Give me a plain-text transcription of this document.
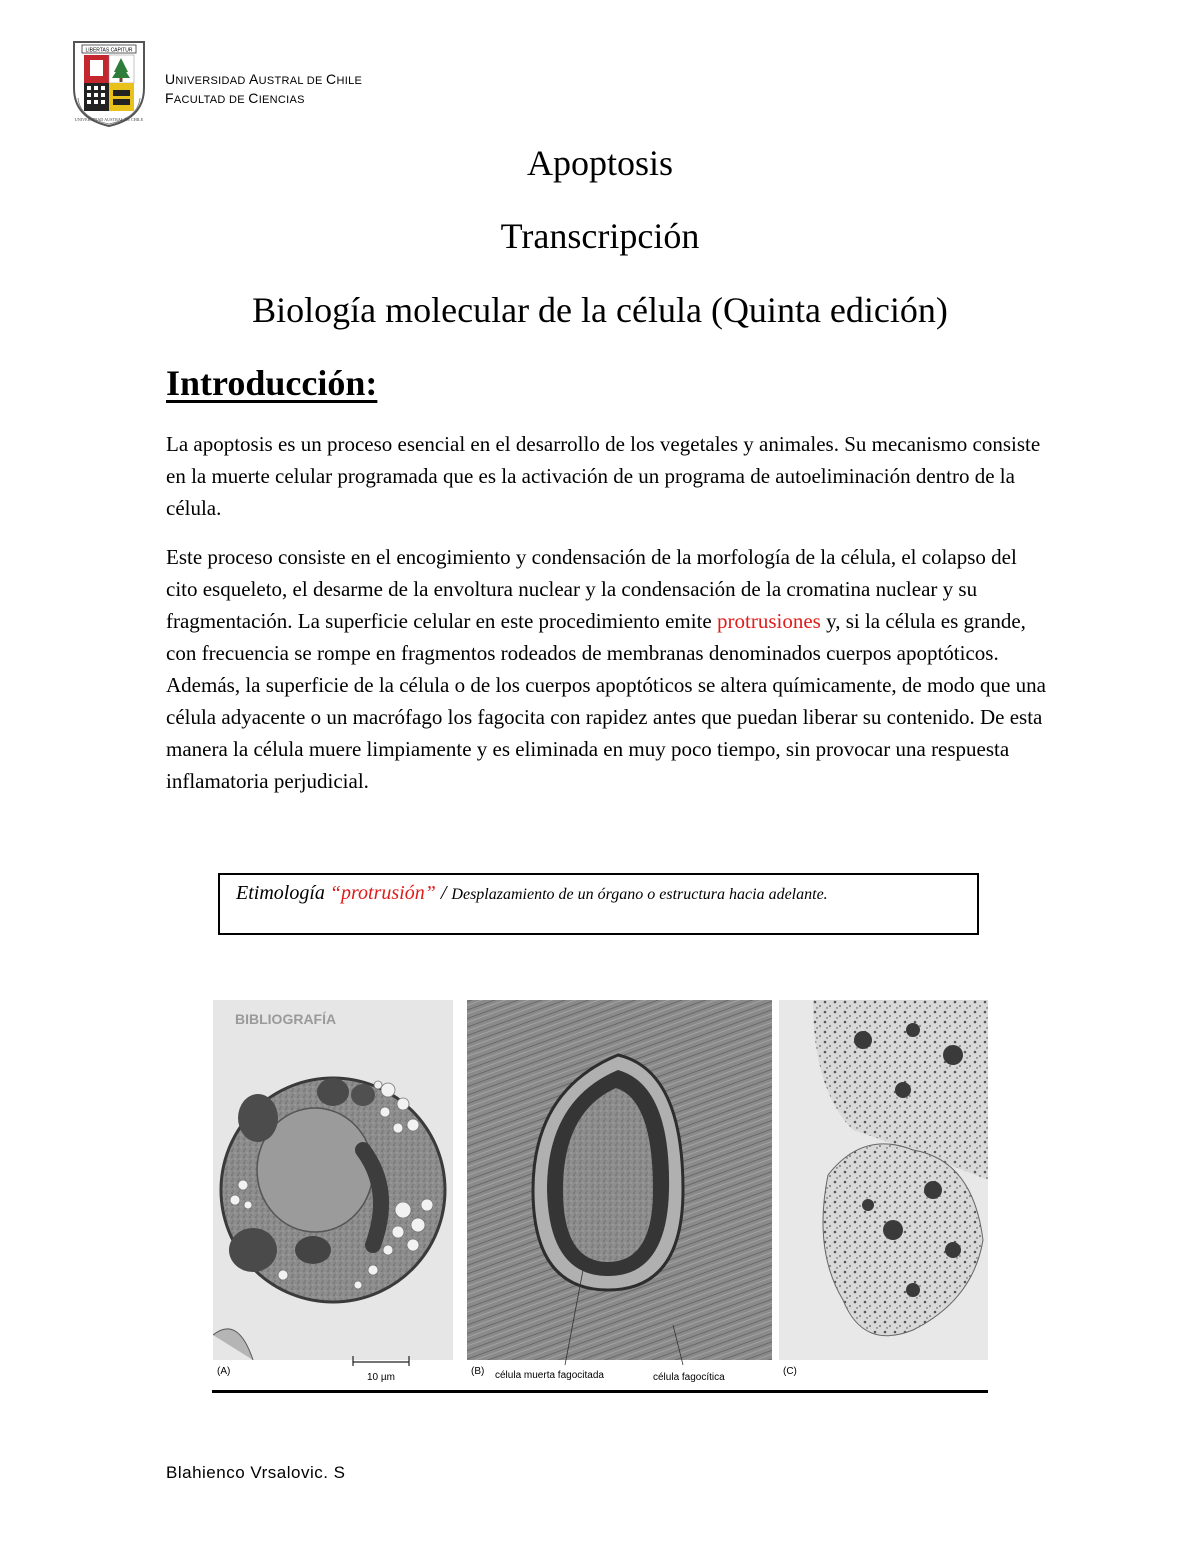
LIBERTAS CAPITUR
UNIVERSIDAD AUSTRAL DE CHILE
UNIVERSIDAD AUSTRAL DE CHILE
FACULTAD DE CIENCIAS
Apoptosis
Transcripción
Biología molecular de la célula (Quinta edición)
Introducción:
La apoptosis es un proceso esencial en el desarrollo de los vegetales y animales. Su mecanismo consiste en la muerte celular programada que es la activación de un programa de autoeliminación dentro de la célula.
Este proceso consiste en el encogimiento y condensación de la morfología de la célula, el colapso del cito esqueleto, el desarme de la envoltura nuclear y la condensación de la cromatina nuclear y su fragmentación. La superficie celular en este procedimiento emite protrusiones y, si la célula es grande, con frecuencia se rompe en fragmentos rodeados de membranas denominados cuerpos apoptóticos. Además, la superficie de la célula o de los cuerpos apoptóticos se altera químicamente, de modo que una célula adyacente o un macrófago los fagocita con rapidez antes que puedan liberar su contenido. De esta manera la célula muere limpiamente y es eliminada en muy poco tiempo, sin provocar una respuesta inflamatoria perjudicial.
Etimología “protrusión” / Desplazamiento de un órgano o estructura hacia adelante.
BIBLIOGRAFÍA
(A)
10 µm
(B) célula muerta fagocitada	célula fagocítica
(C)
Blahienco Vrsalovic. S
